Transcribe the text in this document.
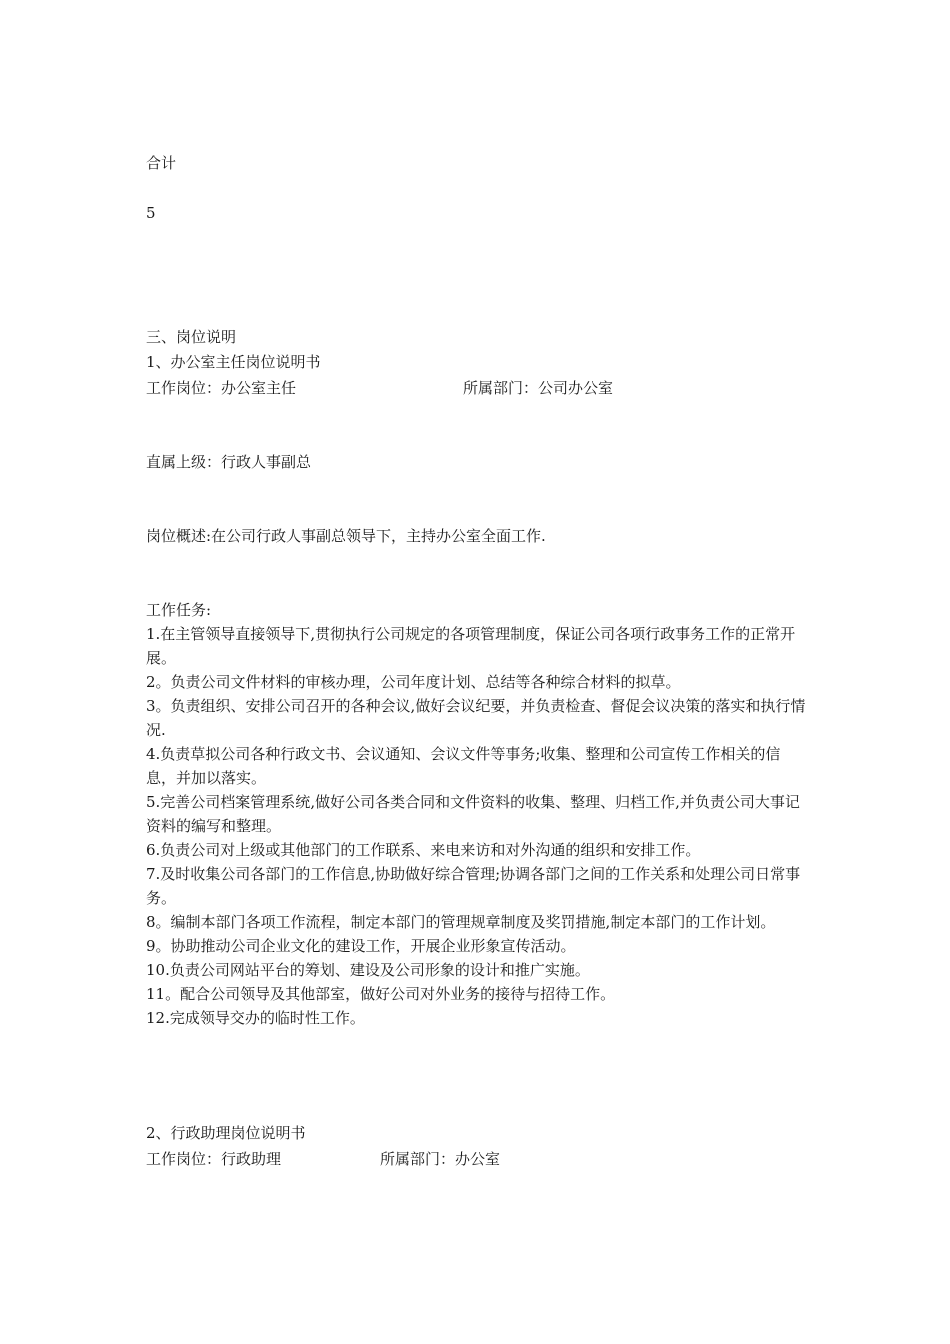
合计
5
三、岗位说明
1、办公室主任岗位说明书
工作岗位：办公室主任	所属部门：公司办公室
直属上级：行政人事副总
岗位概述:在公司行政人事副总领导下，主持办公室全面工作.
工作任务:
1.在主管领导直接领导下,贯彻执行公司规定的各项管理制度，保证公司各项行政事务工作的正常开展。
2。负责公司文件材料的审核办理，公司年度计划、总结等各种综合材料的拟草。
3。负责组织、安排公司召开的各种会议,做好会议纪要，并负责检查、督促会议决策的落实和执行情况.
4.负责草拟公司各种行政文书、会议通知、会议文件等事务;收集、整理和公司宣传工作相关的信息，并加以落实。
5.完善公司档案管理系统,做好公司各类合同和文件资料的收集、整理、归档工作,并负责公司大事记资料的编写和整理。
6.负责公司对上级或其他部门的工作联系、来电来访和对外沟通的组织和安排工作。
7.及时收集公司各部门的工作信息,协助做好综合管理;协调各部门之间的工作关系和处理公司日常事务。
8。编制本部门各项工作流程，制定本部门的管理规章制度及奖罚措施,制定本部门的工作计划。
9。协助推动公司企业文化的建设工作，开展企业形象宣传活动。
10.负责公司网站平台的筹划、建设及公司形象的设计和推广实施。
11。配合公司领导及其他部室，做好公司对外业务的接待与招待工作。
12.完成领导交办的临时性工作。
2、行政助理岗位说明书
工作岗位：行政助理	所属部门：办公室
